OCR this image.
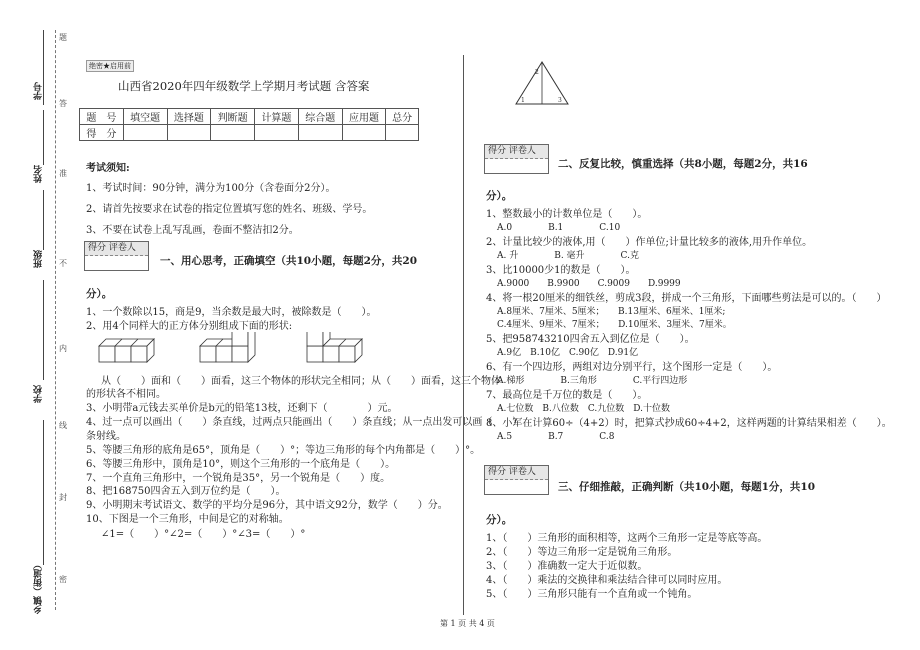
学号
姓名
班级
学校
乡镇（街道）
题
答
准
不
内
线
封
密
绝密★启用前
山西省2020年四年级数学上学期月考试题 含答案
题　号	填空题	选择题	判断题	计算题	综合题	应用题	总分
得　分							
考试须知:
1、考试时间：90分钟，满分为100分（含卷面分2分）。
2、请首先按要求在试卷的指定位置填写您的姓名、班级、学号。
3、不要在试卷上乱写乱画，卷面不整洁扣2分。
得分 评卷人
一、用心思考，正确填空（共10小题，每题2分，共20
分）。
1、一个数除以15，商是9，当余数是最大时，被除数是（　　）。
2、用4个同样大的正方体分别组成下面的形状:
从（　　）面和（　　）面看，这三个物体的形状完全相同；从（　　）面看，这三个物体
的形状各不相同。
3、小明带a元钱去买单价是b元的铅笔13枝，还剩下（　　　　）元。
4、过一点可以画出（　　）条直线，过两点只能画出（　　）条直线；从一点出发可以画（　　）
条射线。
5、等腰三角形的底角是65°，顶角是（　　）°；等边三角形的每个内角都是（　　）°。
6、等腰三角形中，顶角是10°，则这个三角形的一个底角是（　　）。
7、一个直角三角形中，一个锐角是35°，另一个锐角是（　　）度。
8、把168750四舍五入到万位约是（　　）。
9、小明期末考试语文、数学的平均分是96分，其中语文92分，数学（　　）分。
10、下图是一个三角形，中间是它的对称轴。
∠1=（　　）°∠2=（　　）°∠3=（　　）°
1
2
3
得分 评卷人
二、反复比较，慎重选择（共8小题，每题2分，共16
分）。
1、整数最小的计数单位是（　　）。
A.0　　　　B.1　　　　C.10
2、计量比较少的液体,用（　　）作单位;计量比较多的液体,用升作单位。
A. 升　　　　B. 毫升　　　　C.克
3、比10000少1的数是（　　）。
A.9000　　B.9900　　C.9009　　D.9999
4、将一根20厘米的细铁丝，剪成3段，拼成一个三角形，下面哪些剪法是可以的。（　　）
A.8厘米、7厘米、5厘米；　　B.13厘米、6厘米、1厘米;
C.4厘米、9厘米、7厘米；　　D.10厘米、3厘米、7厘米。
5、把958743210四舍五入到亿位是（　　）。
A.9亿　B.10亿　C.90亿　D.91亿
6、有一个四边形，两组对边分别平行，这个图形一定是（　　）。
A.梯形　　　　B.三角形　　　　C.平行四边形
7、最高位是千万位的数是（　　）。
A.七位数　B.八位数　C.九位数　D.十位数
8、小军在计算60÷（4+2）时，把算式抄成60÷4+2，这样两题的计算结果相差（　　）。
A.5　　　　B.7　　　　C.8
得分 评卷人
三、仔细推敲，正确判断（共10小题，每题1分，共10
分）。
1、（　　）三角形的面积相等，这两个三角形一定是等底等高。
2、（　　）等边三角形一定是锐角三角形。
3、（　　）准确数一定大于近似数。
4、（　　）乘法的交换律和乘法结合律可以同时应用。
5、（　　）三角形只能有一个直角或一个钝角。
第 1 页 共 4 页
